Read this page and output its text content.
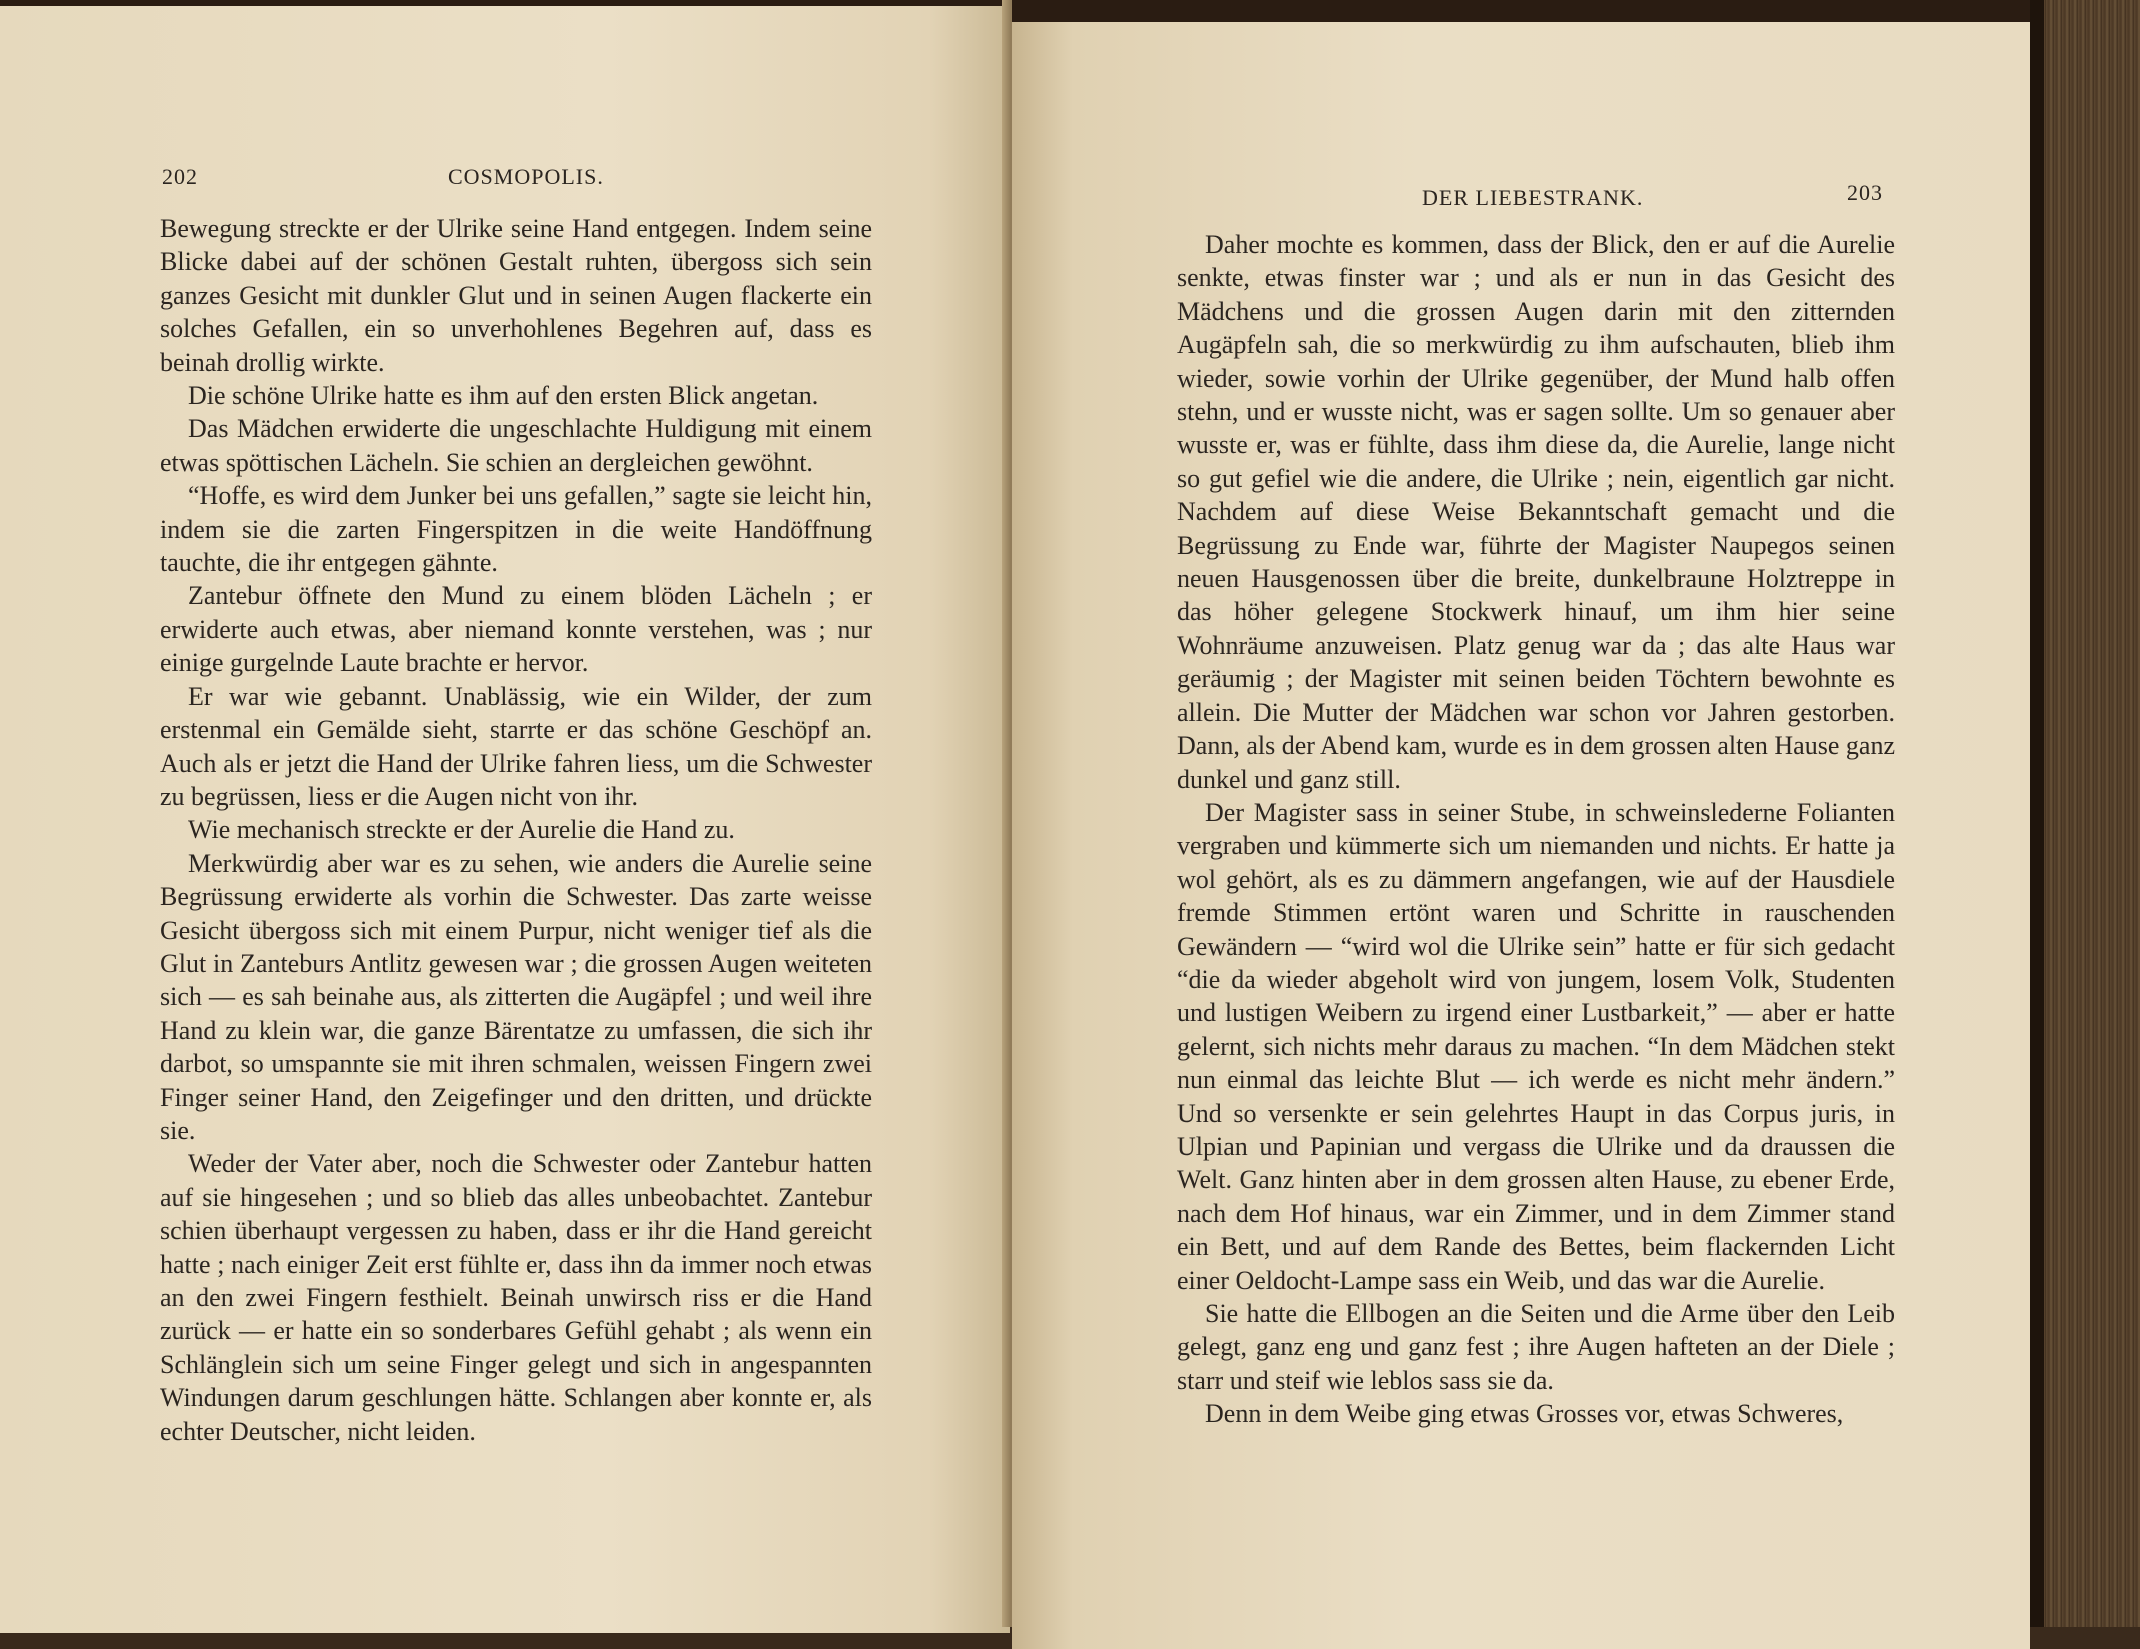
202	COSMOPOLIS.

Bewegung streckte er der Ulrike seine Hand entgegen. Indem seine Blicke dabei auf der schönen Gestalt ruhten, übergoss sich sein ganzes Gesicht mit dunkler Glut und in seinen Augen flackerte ein solches Gefallen, ein so unverhohlenes Begehren auf, dass es beinah drollig wirkte.

Die schöne Ulrike hatte es ihm auf den ersten Blick angetan.

Das Mädchen erwiderte die ungeschlachte Huldigung mit einem etwas spöttischen Lächeln. Sie schien an dergleichen gewöhnt.

“Hoffe, es wird dem Junker bei uns gefallen,” sagte sie leicht hin, indem sie die zarten Fingerspitzen in die weite Handöffnung tauchte, die ihr entgegen gähnte.

Zantebur öffnete den Mund zu einem blöden Lächeln ; er erwiderte auch etwas, aber niemand konnte verstehen, was ; nur einige gurgelnde Laute brachte er hervor.

Er war wie gebannt. Unablässig, wie ein Wilder, der zum erstenmal ein Gemälde sieht, starrte er das schöne Geschöpf an. Auch als er jetzt die Hand der Ulrike fahren liess, um die Schwester zu begrüssen, liess er die Augen nicht von ihr.

Wie mechanisch streckte er der Aurelie die Hand zu.

Merkwürdig aber war es zu sehen, wie anders die Aurelie seine Begrüssung erwiderte als vorhin die Schwester. Das zarte weisse Gesicht übergoss sich mit einem Purpur, nicht weniger tief als die Glut in Zanteburs Antlitz gewesen war ; die grossen Augen weiteten sich — es sah beinahe aus, als zitterten die Augäpfel ; und weil ihre Hand zu klein war, die ganze Bärentatze zu umfassen, die sich ihr darbot, so umspannte sie mit ihren schmalen, weissen Fingern zwei Finger seiner Hand, den Zeigefinger und den dritten, und drückte sie.

Weder der Vater aber, noch die Schwester oder Zantebur hatten auf sie hingesehen ; und so blieb das alles unbeobachtet. Zantebur schien überhaupt vergessen zu haben, dass er ihr die Hand gereicht hatte ; nach einiger Zeit erst fühlte er, dass ihn da immer noch etwas an den zwei Fingern festhielt. Beinah unwirsch riss er die Hand zurück — er hatte ein so sonderbares Gefühl gehabt ; als wenn ein Schlänglein sich um seine Finger gelegt und sich in angespannten Windungen darum geschlungen hätte. Schlangen aber konnte er, als echter Deutscher, nicht leiden.

DER LIEBESTRANK.	203

Daher mochte es kommen, dass der Blick, den er auf die Aurelie senkte, etwas finster war ; und als er nun in das Gesicht des Mädchens und die grossen Augen darin mit den zitternden Augäpfeln sah, die so merkwürdig zu ihm aufschauten, blieb ihm wieder, sowie vorhin der Ulrike gegenüber, der Mund halb offen stehn, und er wusste nicht, was er sagen sollte. Um so genauer aber wusste er, was er fühlte, dass ihm diese da, die Aurelie, lange nicht so gut gefiel wie die andere, die Ulrike ; nein, eigentlich gar nicht. Nachdem auf diese Weise Bekanntschaft gemacht und die Begrüssung zu Ende war, führte der Magister Naupegos seinen neuen Hausgenossen über die breite, dunkelbraune Holztreppe in das höher gelegene Stockwerk hinauf, um ihm hier seine Wohnräume anzuweisen. Platz genug war da ; das alte Haus war geräumig ; der Magister mit seinen beiden Töchtern bewohnte es allein. Die Mutter der Mädchen war schon vor Jahren gestorben. Dann, als der Abend kam, wurde es in dem grossen alten Hause ganz dunkel und ganz still.

Der Magister sass in seiner Stube, in schweinslederne Folianten vergraben und kümmerte sich um niemanden und nichts. Er hatte ja wol gehört, als es zu dämmern angefangen, wie auf der Hausdiele fremde Stimmen ertönt waren und Schritte in rauschenden Gewändern — “wird wol die Ulrike sein” hatte er für sich gedacht “die da wieder abgeholt wird von jungem, losem Volk, Studenten und lustigen Weibern zu irgend einer Lustbarkeit,” — aber er hatte gelernt, sich nichts mehr daraus zu machen. “In dem Mädchen stekt nun einmal das leichte Blut — ich werde es nicht mehr ändern.” Und so versenkte er sein gelehrtes Haupt in das Corpus juris, in Ulpian und Papinian und vergass die Ulrike und da draussen die Welt. Ganz hinten aber in dem grossen alten Hause, zu ebener Erde, nach dem Hof hinaus, war ein Zimmer, und in dem Zimmer stand ein Bett, und auf dem Rande des Bettes, beim flackernden Licht einer Oeldocht-Lampe sass ein Weib, und das war die Aurelie.

Sie hatte die Ellbogen an die Seiten und die Arme über den Leib gelegt, ganz eng und ganz fest ; ihre Augen hafteten an der Diele ; starr und steif wie leblos sass sie da.

Denn in dem Weibe ging etwas Grosses vor, etwas Schweres,
